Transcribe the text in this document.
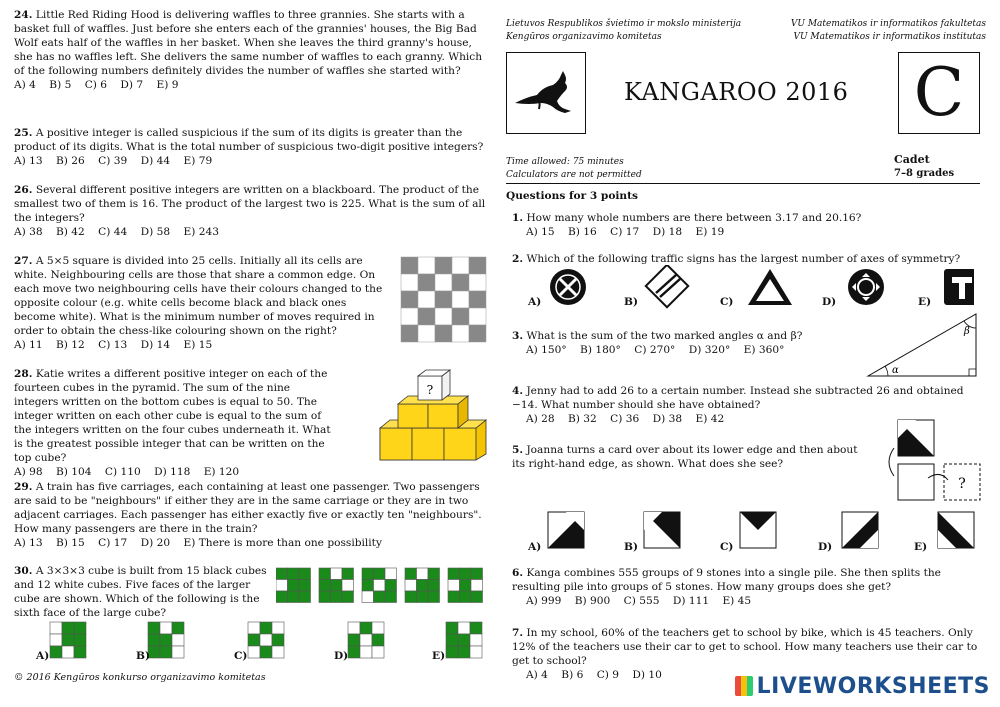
24. Little Red Riding Hood is delivering waffles to three grannies. She starts with a basket full of waffles. Just before she enters each of the grannies' houses, the Big Bad Wolf eats half of the waffles in her basket. When she leaves the third granny's house, she has no waffles left. She delivers the same number of waffles to each granny. Which of the following numbers definitely divides the number of waffles she started with?
A) 4 B) 5 C) 6 D) 7 E) 9
25. A positive integer is called suspicious if the sum of its digits is greater than the product of its digits. What is the total number of suspicious two-digit positive integers?
A) 13 B) 26 C) 39 D) 44 E) 79
26. Several different positive integers are written on a blackboard. The product of the smallest two of them is 16. The product of the largest two is 225. What is the sum of all the integers?
A) 38 B) 42 C) 44 D) 58 E) 243
27. A 5×5 square is divided into 25 cells. Initially all its cells are white. Neighbouring cells are those that share a common edge. On each move two neighbouring cells have their colours changed to the opposite colour (e.g. white cells become black and black ones become white). What is the minimum number of moves required in order to obtain the chess-like colouring shown on the right?
A) 11 B) 12 C) 13 D) 14 E) 15
28. Katie writes a different positive integer on each of the fourteen cubes in the pyramid. The sum of the nine integers written on the bottom cubes is equal to 50. The integer written on each other cube is equal to the sum of the integers written on the four cubes underneath it. What is the greatest possible integer that can be written on the top cube?
A) 98 B) 104 C) 110 D) 118 E) 120
?
29. A train has five carriages, each containing at least one passenger. Two passengers are said to be "neighbours" if either they are in the same carriage or they are in two adjacent carriages. Each passenger has either exactly five or exactly ten "neighbours". How many passengers are there in the train?
A) 13 B) 15 C) 17 D) 20 E) There is more than one possibility
30. A 3×3×3 cube is built from 15 black cubes and 12 white cubes. Five faces of the larger cube are shown. Which of the following is the sixth face of the large cube?
A)	B)	C)	D)	E)
© 2016 Kengūros konkurso organizavimo komitetas
Lietuvos Respublikos švietimo ir mokslo ministerija
Kengūros organizavimo komitetas
VU Matematikos ir informatikos fakultetas
VU Matematikos ir informatikos institutas
KANGAROO 2016 C
Time allowed: 75 minutes
Calculators are not permitted
Cadet
7–8 grades
Questions for 3 points
1. How many whole numbers are there between 3.17 and 20.16?
A) 15 B) 16 C) 17 D) 18 E) 19
2. Which of the following traffic signs has the largest number of axes of symmetry?
A)	B)	C)	D)	E)
3. What is the sum of the two marked angles α and β?
A) 150° B) 180° C) 270° D) 320° E) 360°
α
β
4. Jenny had to add 26 to a certain number. Instead she subtracted 26 and obtained −14. What number should she have obtained?
A) 28 B) 32 C) 36 D) 38 E) 42
5. Joanna turns a card over about its lower edge and then about its right-hand edge, as shown. What does she see?
?
A)	B)	C)	D)	E)
6. Kanga combines 555 groups of 9 stones into a single pile. She then splits the resulting pile into groups of 5 stones. How many groups does she get?
A) 999 B) 900 C) 555 D) 111 E) 45
7. In my school, 60% of the teachers get to school by bike, which is 45 teachers. Only 12% of the teachers use their car to get to school. How many teachers use their car to get to school?
A) 4 B) 6 C) 9 D) 10	LIVEWORKSHEETS
